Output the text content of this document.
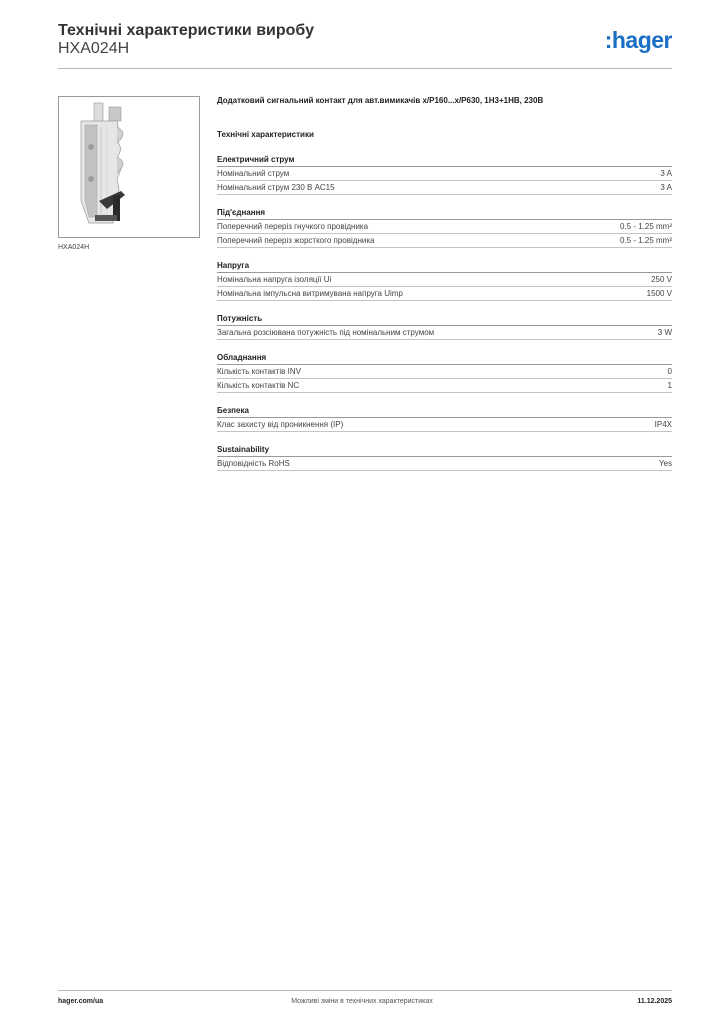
Технічні характеристики виробу
HXA024H	:hager
HXA024H
Додатковий сигнальний контакт для авт.вимикачів x/P160...x/P630, 1Н3+1НВ, 230В
Технічні характеристики
Електричний струм
Номінальний струм	3 A
Номінальний струм 230 В AC15	3 A
Під'єднання
Поперечний переріз гнучкого провідника	0.5 - 1.25 mm²
Поперечний переріз жорсткого провідника	0.5 - 1.25 mm²
Напруга
Номінальна напруга ізоляції Ui	250 V
Номінальна імпульсна витримувана напруга Uimp	1500 V
Потужність
Загальна розсіювана потужність під номінальним струмом	3 W
Обладнання
Кількість контактів INV	0
Кількість контактів NC	1
Безпека
Клас захисту від проникнення (IP)	IP4X
Sustainability
Відповідність RoHS	Yes
hager.com/ua	Можливі зміни в технічних характеристиках	11.12.2025
